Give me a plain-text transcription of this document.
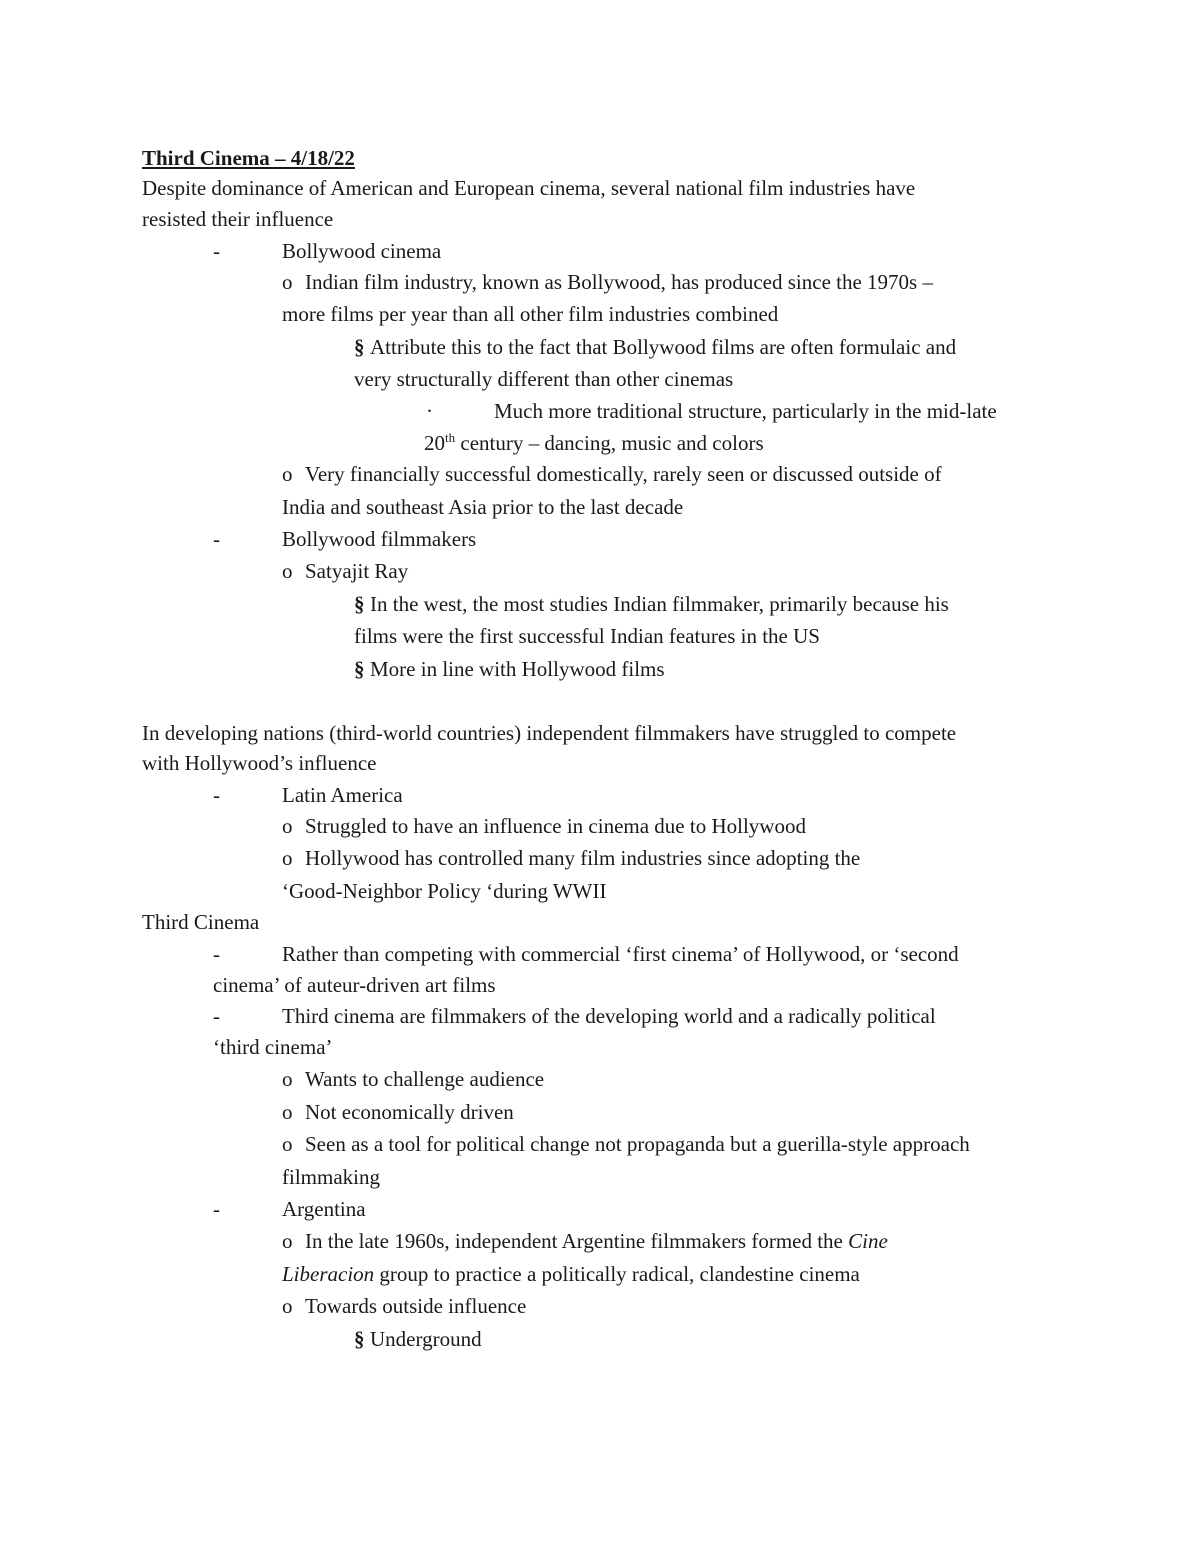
Third Cinema – 4/18/22
Despite dominance of American and European cinema, several national film industries have
resisted their influence
-	Bollywood cinema
o Indian film industry, known as Bollywood, has produced since the 1970s –
more films per year than all other film industries combined
§ Attribute this to the fact that Bollywood films are often formulaic and
very structurally different than other cinemas
·	Much more traditional structure, particularly in the mid-late
20th century – dancing, music and colors
o Very financially successful domestically, rarely seen or discussed outside of
India and southeast Asia prior to the last decade
-	Bollywood filmmakers
o Satyajit Ray
§ In the west, the most studies Indian filmmaker, primarily because his
films were the first successful Indian features in the US
§ More in line with Hollywood films
In developing nations (third-world countries) independent filmmakers have struggled to compete
with Hollywood’s influence
-	Latin America
o Struggled to have an influence in cinema due to Hollywood
o Hollywood has controlled many film industries since adopting the
‘Good-Neighbor Policy ‘during WWII
Third Cinema
-	Rather than competing with commercial ‘first cinema’ of Hollywood, or ‘second
cinema’ of auteur-driven art films
-	Third cinema are filmmakers of the developing world and a radically political
‘third cinema’
o Wants to challenge audience
o Not economically driven
o Seen as a tool for political change not propaganda but a guerilla-style approach
filmmaking
-	Argentina
o In the late 1960s, independent Argentine filmmakers formed the Cine
Liberacion group to practice a politically radical, clandestine cinema
o Towards outside influence
§ Underground
